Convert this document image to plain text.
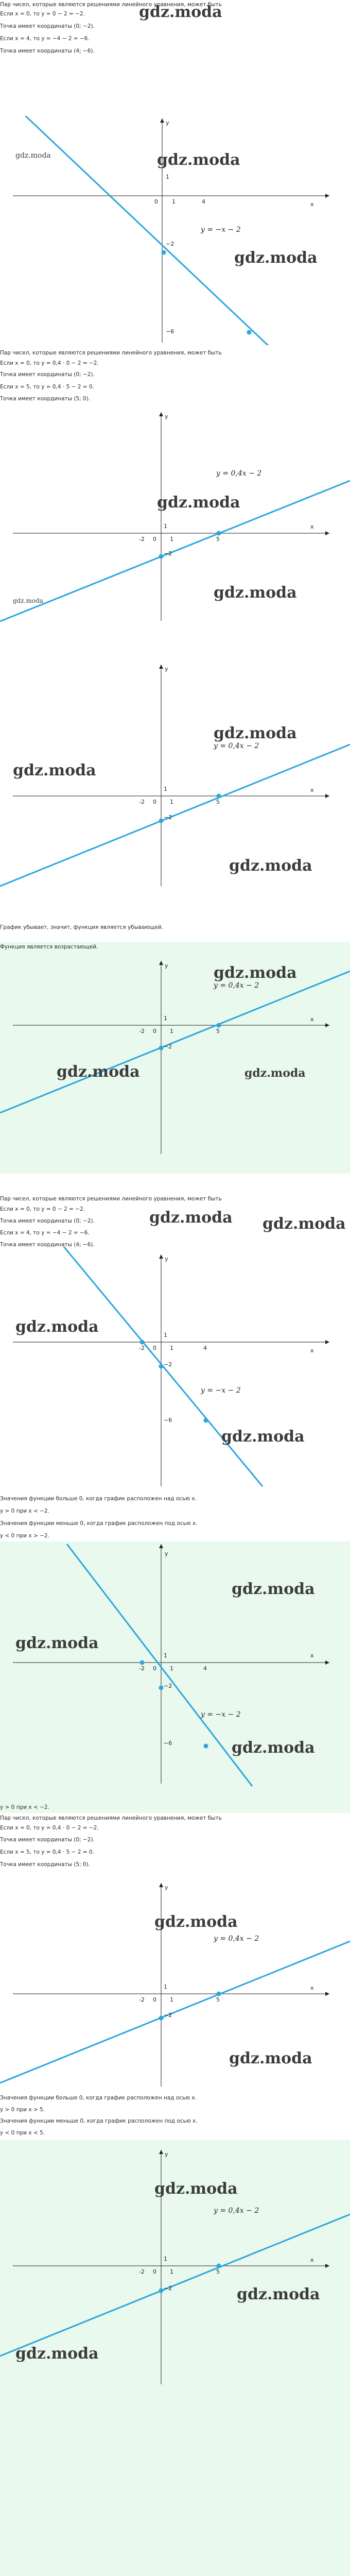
Пар чисел, которые являются решениями линейного уравнения, может быть
Если x = 0, то y = 0 − 2 = −2.
Точка имеет координаты (0; −2).
Если x = 4, то y = −4 − 2 = −6.
Точка имеет координаты (4; −6).
gdz.moda
x
y
0
1
1	4
−2
−6
y = −x − 2
gdz.moda
gdz.moda
gdz.moda
Пар чисел, которые являются решениями линейного уравнения, может быть
Если x = 0, то y = 0,4 · 0 − 2 = −2.
Точка имеет координаты (0; −2).
Если x = 5, то y = 0,4 · 5 − 2 = 0.
Точка имеет координаты (5; 0).
x
y
0
-2
1
1	5
−2
y = 0,4x − 2
gdz.moda
gdz.moda
gdz.moda
x
y
0
-2
1
1	5
−2
y = 0,4x − 2
gdz.moda
gdz.moda
gdz.moda
График убывает, значит, функция является убывающей.
Функция является возрастающей.
x
y
0
-2
1
1	5
−2
y = 0,4x − 2
gdz.moda
gdz.moda	gdz.moda
Пар чисел, которые являются решениями линейного уравнения, может быть
Если x = 0, то y = 0 − 2 = −2.
Точка имеет координаты (0; −2).
Если x = 4, то y = −4 − 2 = −6.
Точка имеет координаты (4; −6).
gdz.moda gdz.moda
x
y
0
-2
1
1	4
−2
−6
y = −x − 2
gdz.moda
gdz.moda
Значения функции больше 0, когда график расположен над осью x.
y > 0 при x < −2.
Значения функции меньше 0, когда график расположен под осью x.
y < 0 при x > −2.
x
y
0
-2
1
1	4
−2
−6
y = −x − 2
gdz.moda
gdz.moda
gdz.moda
y > 0 при x < −2.
Пар чисел, которые являются решениями линейного уравнения, может быть
Если x = 0, то y = 0,4 · 0 − 2 = −2.
Точка имеет координаты (0; −2).
Если x = 5, то y = 0,4 · 5 − 2 = 0.
Точка имеет координаты (5; 0).
x
y
0
-2
1
1	5
−2
y = 0,4x − 2
gdz.moda
gdz.moda
Значения функции больше 0, когда график расположен над осью x.
y > 0 при x > 5.
Значения функции меньше 0, когда график расположен под осью x.
y < 0 при x < 5.
x
y
0
-2
1
1	5
−2
y = 0,4x − 2
gdz.moda
gdz.moda
gdz.moda
